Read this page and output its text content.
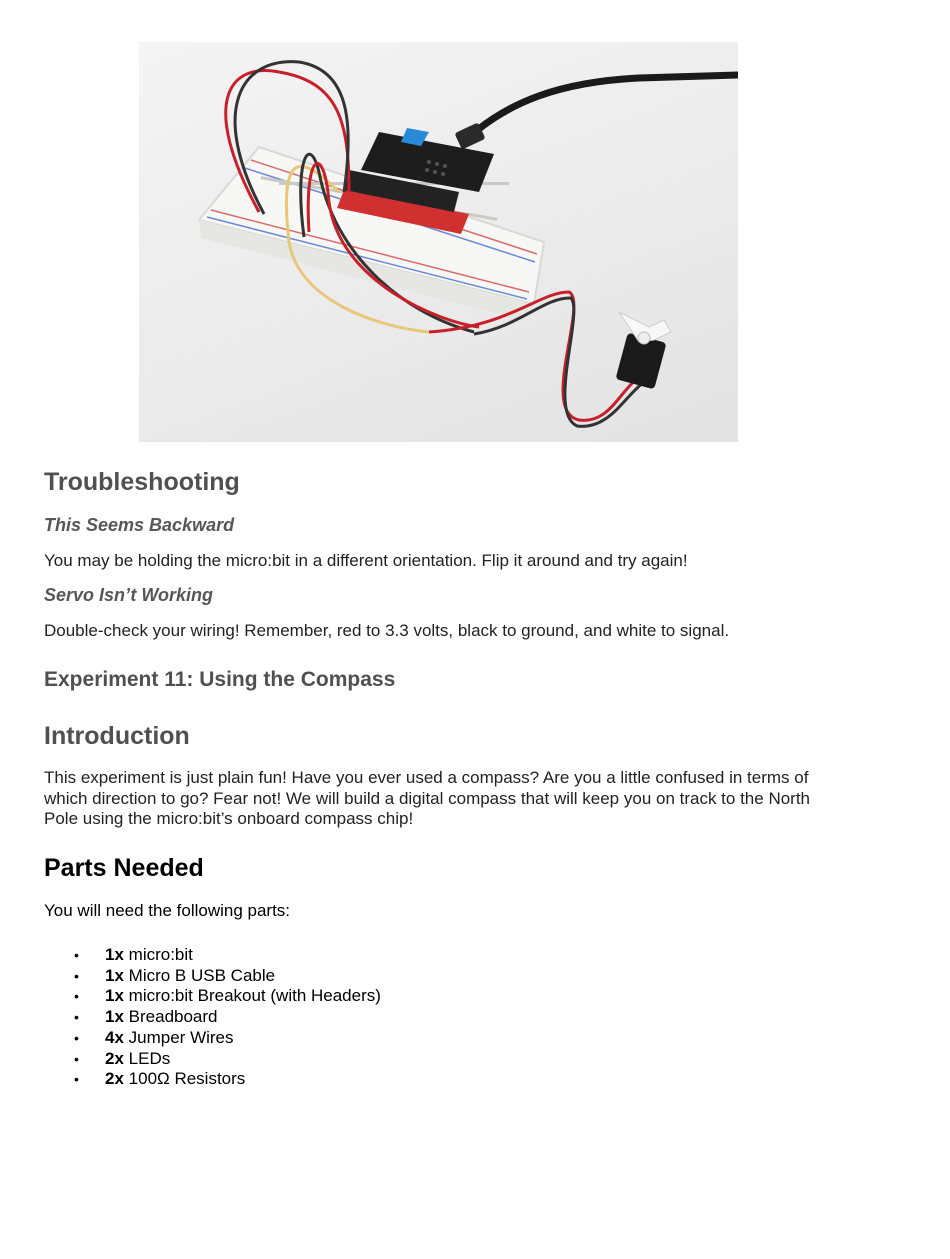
Troubleshooting
This Seems Backward

You may be holding the micro:bit in a different orientation. Flip it around and try again!

Servo Isn’t Working

Double-check your wiring! Remember, red to 3.3 volts, black to ground, and white to signal.

Experiment 11: Using the Compass
Introduction

This experiment is just plain fun! Have you ever used a compass? Are you a little confused in terms of which direction to go? Fear not! We will build a digital compass that will keep you on track to the North Pole using the micro:bit’s onboard compass chip!

Parts Needed

You will need the following parts:

• 1x micro:bit
• 1x Micro B USB Cable
• 1x micro:bit Breakout (with Headers)
• 1x Breadboard
• 4x Jumper Wires
• 2x LEDs
• 2x 100Ω Resistors
